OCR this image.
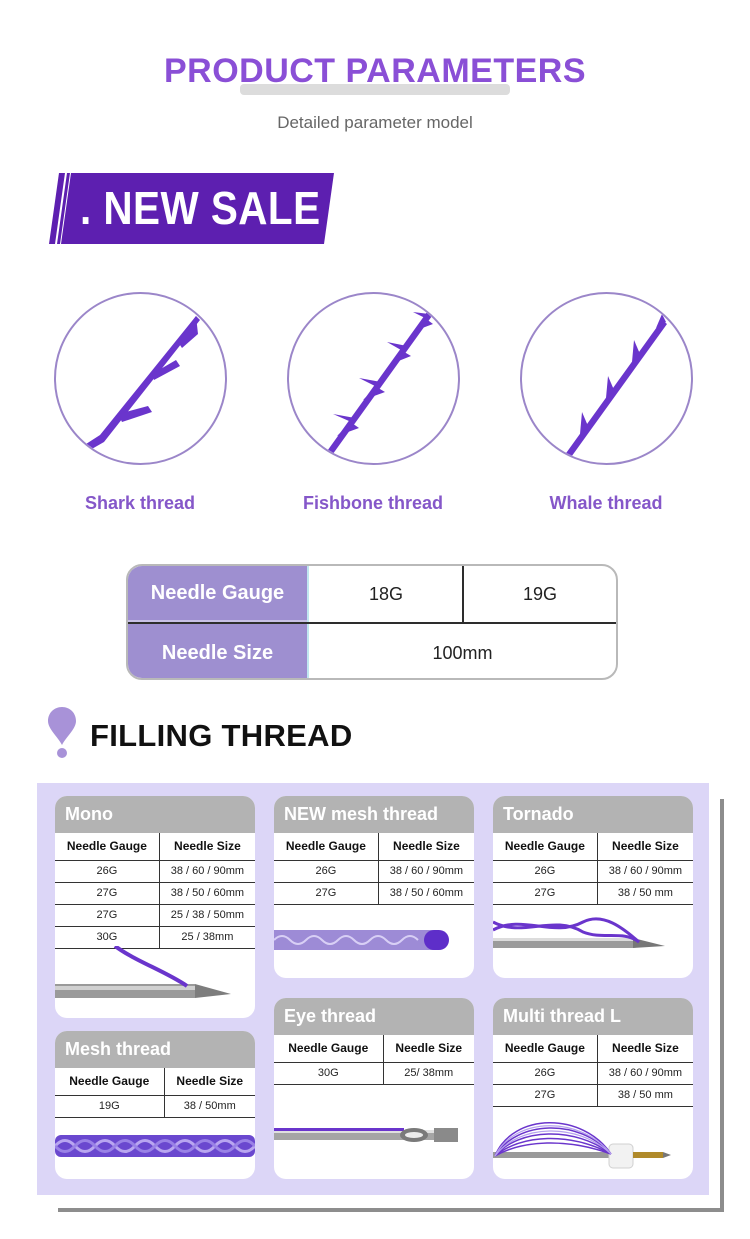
PRODUCT PARAMETERS
Detailed parameter model
. NEW SALE
Shark thread	Fishbone thread	Whale thread
Needle Gauge	18G	19G
Needle Size	100mm
FILLING THREAD
Mono
Needle Gauge	Needle Size
26G	38 / 60 / 90mm
27G	38 / 50 / 60mm
27G	25 / 38 / 50mm
30G	25 / 38mm
Mesh thread
Needle Gauge	Needle Size
19G	38 / 50mm
NEW mesh thread
Needle Gauge	Needle Size
26G	38 / 60 / 90mm
27G	38 / 50 / 60mm
Eye thread
Needle Gauge	Needle Size
30G	25/ 38mm
Tornado
Needle Gauge	Needle Size
26G	38 / 60 / 90mm
27G	38 / 50 mm
Multi thread L
Needle Gauge	Needle Size
26G	38 / 60 / 90mm
27G	38 / 50 mm
